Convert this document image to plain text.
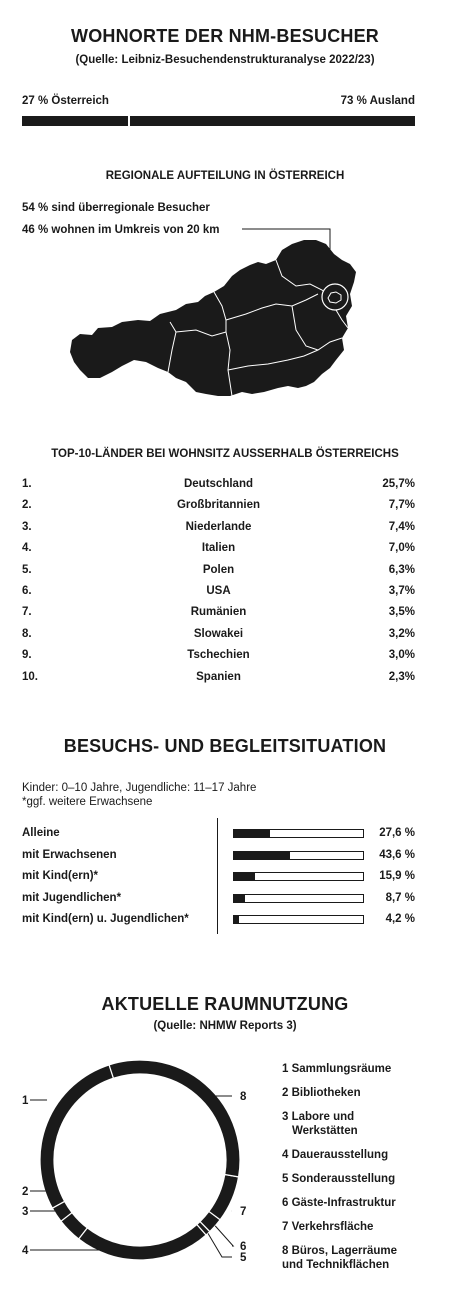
WOHNORTE DER NHM-BESUCHER
(Quelle: Leibniz-Besuchendenstrukturanalyse 2022/23)
27 % Österreich	73 % Ausland
REGIONALE AUFTEILUNG IN ÖSTERREICH
54 % sind überregionale Besucher
46 % wohnen im Umkreis von 20 km
TOP-10-LÄNDER BEI WOHNSITZ AUSSERHALB ÖSTERREICHS
1.	Deutschland	25,7%
2.	Großbritannien	7,7%
3.	Niederlande	7,4%
4.	Italien	7,0%
5.	Polen	6,3%
6.	USA	3,7%
7.	Rumänien	3,5%
8.	Slowakei	3,2%
9.	Tschechien	3,0%
10.	Spanien	2,3%
BESUCHS- UND BEGLEITSITUATION
Kinder: 0–10 Jahre, Jugendliche: 11–17 Jahre
*ggf. weitere Erwachsene
Alleine	27,6 %
mit Erwachsenen	43,6 %
mit Kind(ern)*	15,9 %
mit Jugendlichen*	8,7 %
mit Kind(ern) u. Jugendlichen*	4,2 %
AKTUELLE RAUMNUTZUNG
(Quelle: NHMW Reports 3)
1
2
3
4
5
6
7
8
1 Sammlungsräume
2 Bibliotheken
3 Labore und
Werkstätten
4 Dauerausstellung
5 Sonderausstellung
6 Gäste-Infrastruktur
7 Verkehrsfläche
8 Büros, Lagerräume
und Technikflächen
